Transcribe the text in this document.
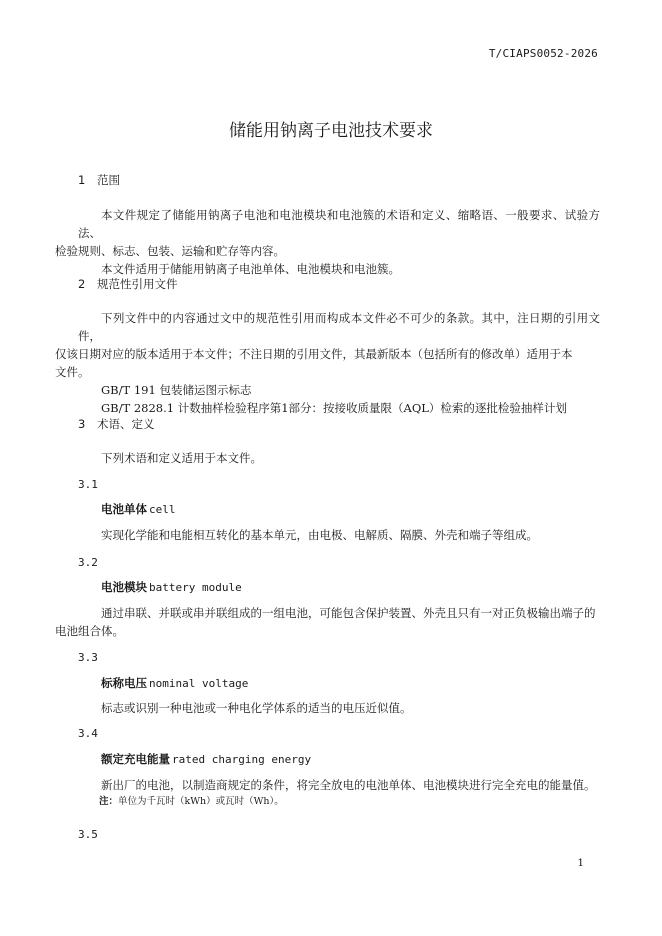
T/CIAPS0052-2026
储能用钠离子电池技术要求
1 范围

本文件规定了储能用钠离子电池和电池模块和电池簇的术语和定义、缩略语、一般要求、试验方法、
检验规则、标志、包装、运输和贮存等内容。

本文件适用于储能用钠离子电池单体、电池模块和电池簇。

2 规范性引用文件

下列文件中的内容通过文中的规范性引用而构成本文件必不可少的条款。其中，注日期的引用文件，
仅该日期对应的版本适用于本文件；不注日期的引用文件，其最新版本（包括所有的修改单）适用于本
文件。

GB/T 191 包装储运图示标志

GB/T 2828.1 计数抽样检验程序第1部分：按接收质量限（AQL）检索的逐批检验抽样计划

3 术语、定义

下列术语和定义适用于本文件。

3.1
电池单体 cell

实现化学能和电能相互转化的基本单元，由电极、电解质、隔膜、外壳和端子等组成。

3.2
电池模块 battery module

通过串联、并联或串并联组成的一组电池，可能包含保护装置、外壳且只有一对正负极输出端子的
电池组合体。

3.3
标称电压 nominal voltage

标志或识别一种电池或一种电化学体系的适当的电压近似值。

3.4
额定充电能量 rated charging energy

新出厂的电池，以制造商规定的条件，将完全放电的电池单体、电池模块进行完全充电的能量值。

注：单位为千瓦时（kWh）或瓦时（Wh）。

3.5
1
